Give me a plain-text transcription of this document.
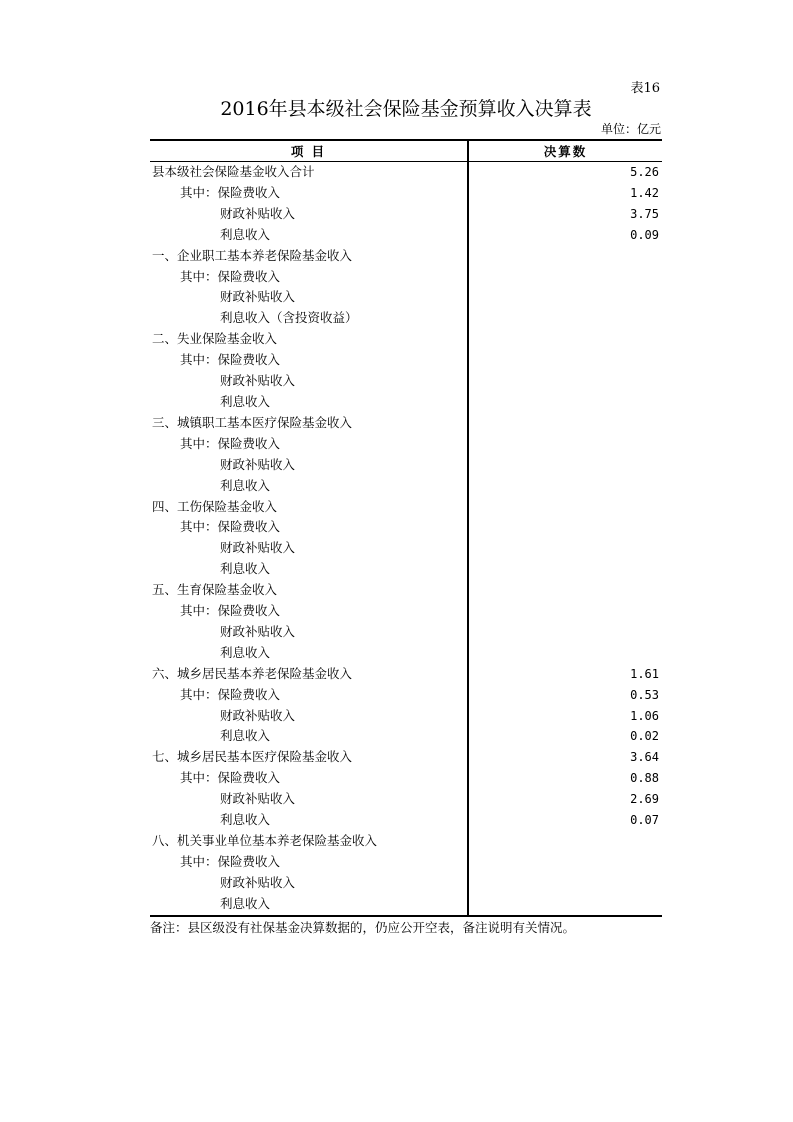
表16
2016年县本级社会保险基金预算收入决算表
单位：亿元
项 目	决算数
县本级社会保险基金收入合计	5.26
其中：保险费收入	1.42
财政补贴收入	3.75
利息收入	0.09
一、企业职工基本养老保险基金收入	
其中：保险费收入	
财政补贴收入	
利息收入（含投资收益）	
二、失业保险基金收入	
其中：保险费收入	
财政补贴收入	
利息收入	
三、城镇职工基本医疗保险基金收入	
其中：保险费收入	
财政补贴收入	
利息收入	
四、工伤保险基金收入	
其中：保险费收入	
财政补贴收入	
利息收入	
五、生育保险基金收入	
其中：保险费收入	
财政补贴收入	
利息收入	
六、城乡居民基本养老保险基金收入	1.61
其中：保险费收入	0.53
财政补贴收入	1.06
利息收入	0.02
七、城乡居民基本医疗保险基金收入	3.64
其中：保险费收入	0.88
财政补贴收入	2.69
利息收入	0.07
八、机关事业单位基本养老保险基金收入	
其中：保险费收入	
财政补贴收入	
利息收入	
备注：县区级没有社保基金决算数据的，仍应公开空表，备注说明有关情况。
